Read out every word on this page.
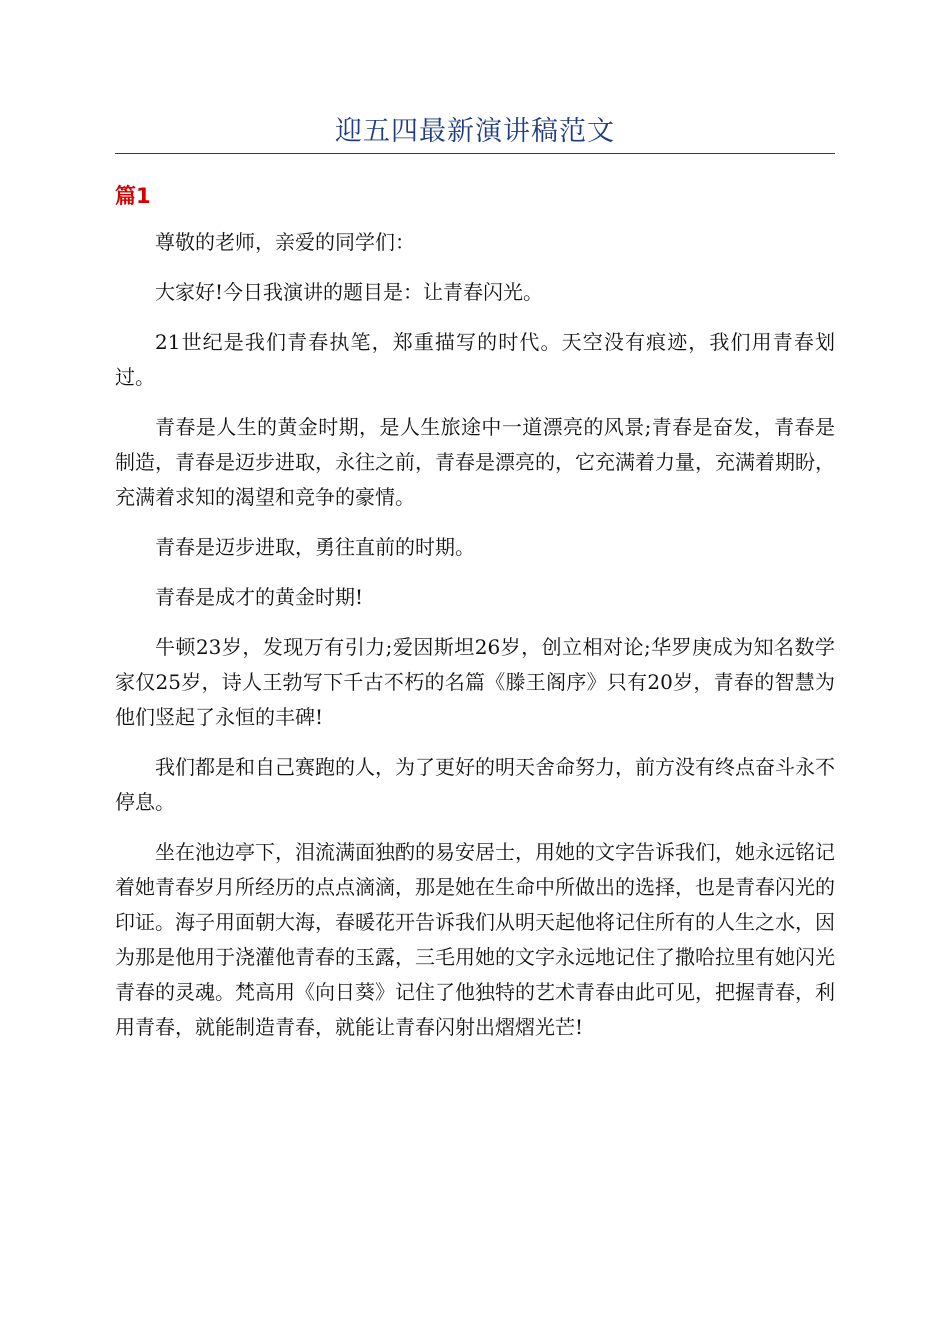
迎五四最新演讲稿范文
篇1

尊敬的老师，亲爱的同学们：

大家好!今日我演讲的题目是：让青春闪光。

21世纪是我们青春执笔，郑重描写的时代。天空没有痕迹，我们用青春划过。

青春是人生的黄金时期，是人生旅途中一道漂亮的风景;青春是奋发，青春是制造，青春是迈步进取，永往之前，青春是漂亮的，它充满着力量，充满着期盼，充满着求知的渴望和竞争的豪情。

青春是迈步进取，勇往直前的时期。

青春是成才的黄金时期!

牛顿23岁，发现万有引力;爱因斯坦26岁，创立相对论;华罗庚成为知名数学家仅25岁，诗人王勃写下千古不朽的名篇《滕王阁序》只有20岁，青春的智慧为他们竖起了永恒的丰碑!

我们都是和自己赛跑的人，为了更好的明天舍命努力，前方没有终点奋斗永不停息。

坐在池边亭下，泪流满面独酌的易安居士，用她的文字告诉我们，她永远铭记着她青春岁月所经历的点点滴滴，那是她在生命中所做出的选择，也是青春闪光的印证。海子用面朝大海，春暖花开告诉我们从明天起他将记住所有的人生之水，因为那是他用于浇灌他青春的玉露，三毛用她的文字永远地记住了撒哈拉里有她闪光青春的灵魂。梵高用《向日葵》记住了他独特的艺术青春由此可见，把握青春，利用青春，就能制造青春，就能让青春闪射出熠熠光芒!
